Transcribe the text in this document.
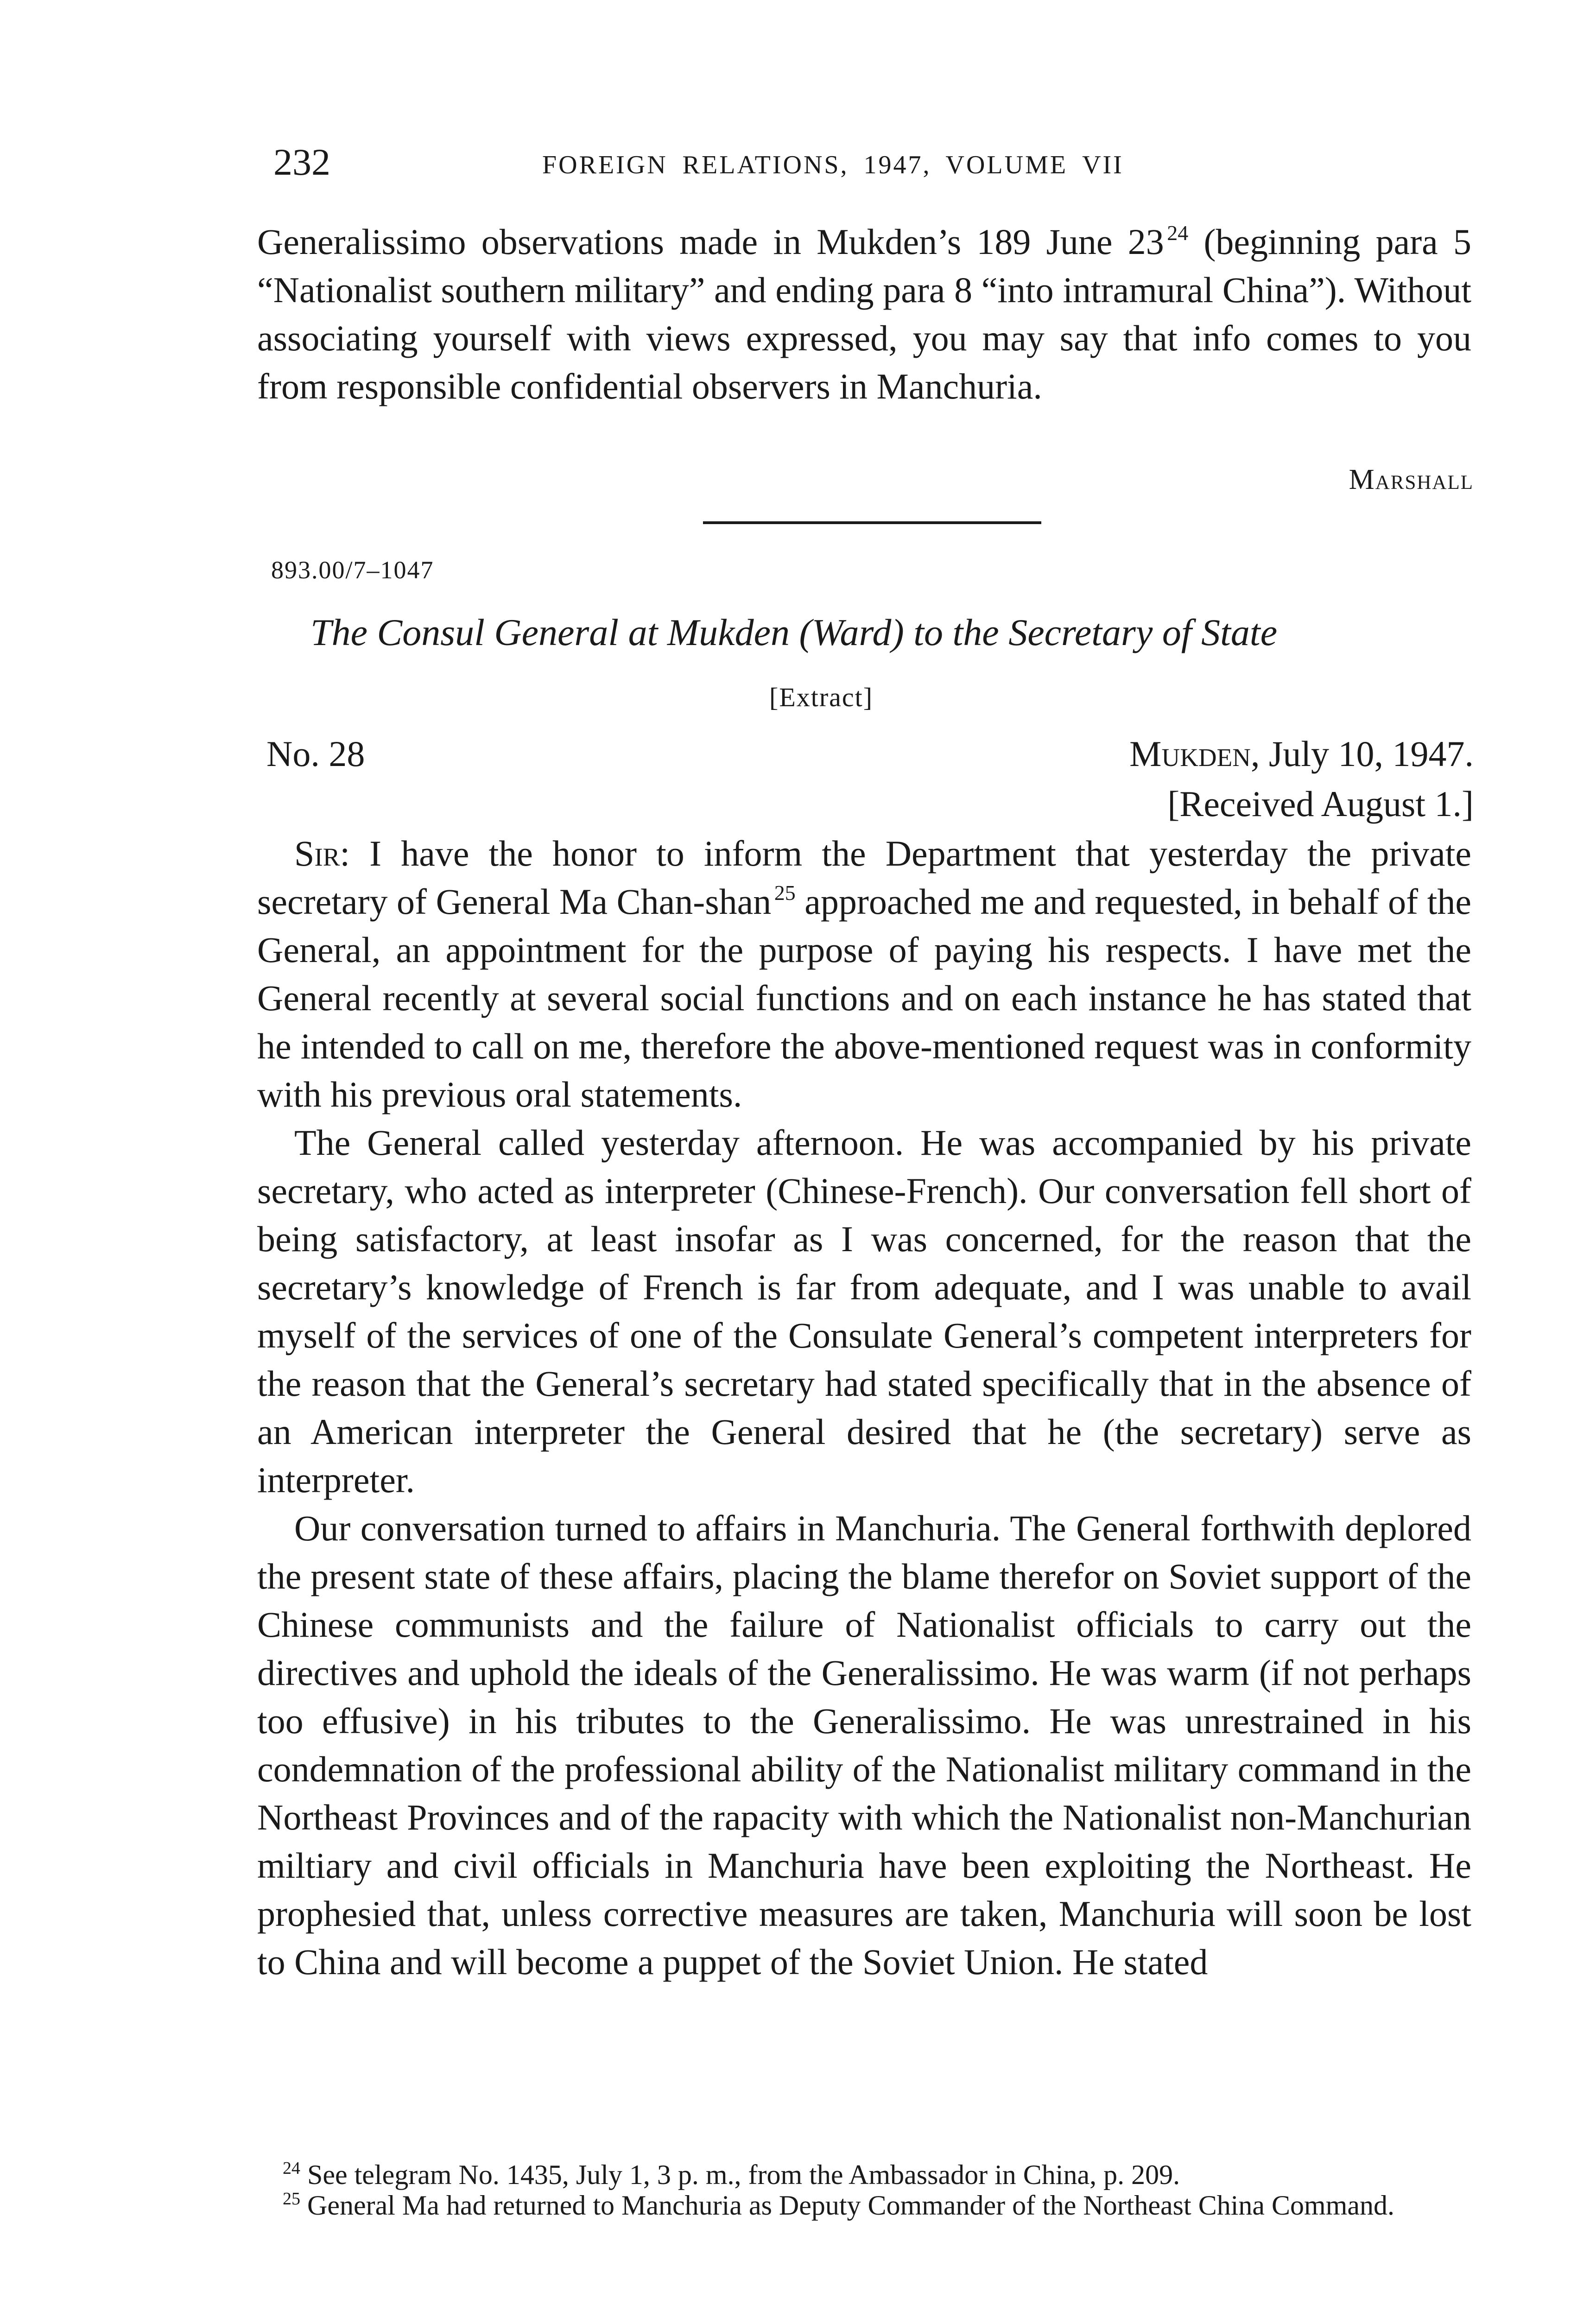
232	FOREIGN RELATIONS, 1947, VOLUME VII

Generalissimo observations made in Mukden’s 189 June 23  $^{24}$ (beginning para 5 “Nationalist southern military” and ending para 8 “into intramural China”). Without associating yourself with views expressed, you may say that info comes to you from responsible confidential observers in Manchuria.

Marshall
893.00/7–1047
The Consul General at Mukden (Ward) to the Secretary of State
[Extract]
No. 28	Mukden, July 10, 1947.
[Received August 1.]

Sir: I have the honor to inform the Department that yesterday the private secretary of General Ma Chan-shan  $^{25}$ approached me and requested, in behalf of the General, an appointment for the purpose of paying his respects. I have met the General recently at several social functions and on each instance he has stated that he intended to call on me, therefore the above-mentioned request was in conformity with his previous oral statements.

The General called yesterday afternoon. He was accompanied by his private secretary, who acted as interpreter (Chinese-French). Our conversation fell short of being satisfactory, at least insofar as I was concerned, for the reason that the secretary’s knowledge of French is far from adequate, and I was unable to avail myself of the services of one of the Consulate General’s competent interpreters for the reason that the General’s secretary had stated specifically that in the absence of an American interpreter the General desired that he (the secretary) serve as interpreter.

Our conversation turned to affairs in Manchuria. The General forthwith deplored the present state of these affairs, placing the blame therefor on Soviet support of the Chinese communists and the failure of Nationalist officials to carry out the directives and uphold the ideals of the Generalissimo. He was warm (if not perhaps too effusive) in his tributes to the Generalissimo. He was unrestrained in his condemnation of the professional ability of the Nationalist military command in the Northeast Provinces and of the rapacity with which the Nationalist non-Manchurian miltiary and civil officials in Manchuria have been exploiting the Northeast. He prophesied that, unless corrective measures are taken, Manchuria will soon be lost to China and will become a puppet of the Soviet Union. He stated

$^{24}$ See telegram No. 1435, July 1, 3 p. m., from the Ambassador in China, p. 209.

$^{25}$ General Ma had returned to Manchuria as Deputy Commander of the Northeast China Command.
